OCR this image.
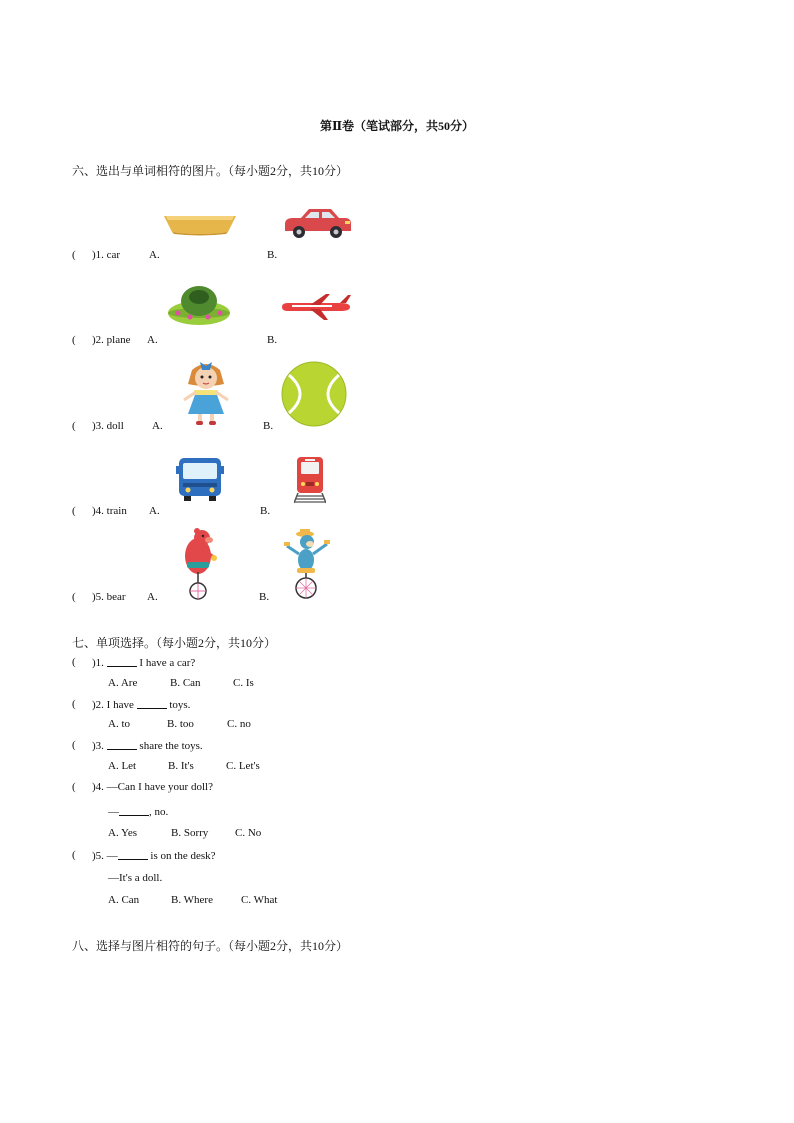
第Ⅱ卷（笔试部分，共50分）
六、选出与单词相符的图片。（每小题2分，共10分）
( )1. car	A.	B.
( )2. plane A.	B.
( )3. doll	A.	B.
( )4. train A.	B.
( )5. bear A.	B.
七、单项选择。（每小题2分，共10分）
( )1.	I have a car?
A. Are	B. Can	C. Is
( )2. I have	toys.
A. to	B. too	C. no
( )3.	share the toys.
A. Let	B. It's	C. Let's
( )4. —Can I have your doll?
—	, no.
A. Yes	B. Sorry C. No
( )5. —	is on the desk?
—It's a doll.
A. Can	B. Where	C. What
八、选择与图片相符的句子。（每小题2分，共10分）
